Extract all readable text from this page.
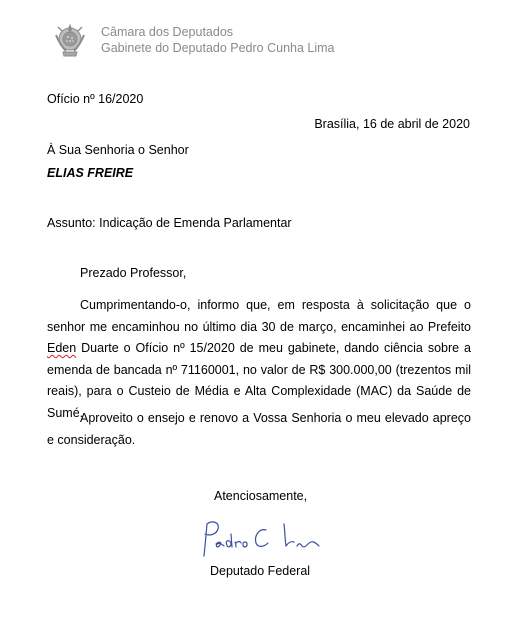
Câmara dos Deputados
Gabinete do Deputado Pedro Cunha Lima
Ofício nº 16/2020
Brasília, 16 de abril de 2020
À Sua Senhoria o Senhor
ELIAS FREIRE
Assunto: Indicação de Emenda Parlamentar
Prezado Professor,
Cumprimentando-o, informo que, em resposta à solicitação que o senhor me encaminhou no último dia 30 de março, encaminhei ao Prefeito Eden Duarte o Ofício nº 15/2020 de meu gabinete, dando ciência sobre a emenda de bancada nº 71160001, no valor de R$ 300.000,00 (trezentos mil reais), para o Custeio de Média e Alta Complexidade (MAC) da Saúde de Sumé.
Aproveito o ensejo e renovo a Vossa Senhoria o meu elevado apreço e consideração.
Atenciosamente,
Deputado Federal
